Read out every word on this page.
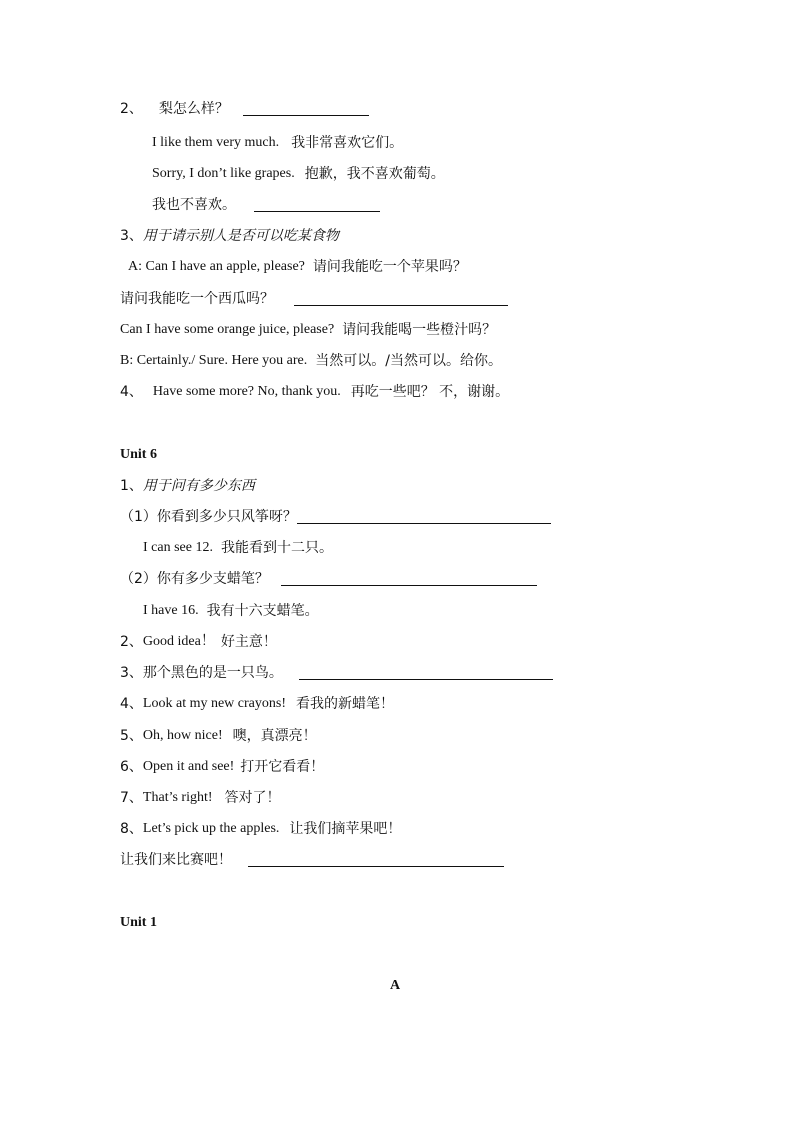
2、 梨怎么样？
I like them very much. 我非常喜欢它们。
Sorry, I don’t like grapes. 抱歉，我不喜欢葡萄。
我也不喜欢。
3、 用于请示别人是否可以吃某食物
A: Can I have an apple, please? 请问我能吃一个苹果吗？
请问我能吃一个西瓜吗？
Can I have some orange juice, please? 请问我能喝一些橙汁吗？
B: Certainly./ Sure. Here you are. 当然可以。/当然可以。给你。
4、 Have some more? No, thank you. 再吃一些吧？ 不，谢谢。
Unit 6
1、 用于问有多少东西
（1） 你看到多少只风筝呀？
I can see 12. 我能看到十二只。
（2） 你有多少支蜡笔？
I have 16. 我有十六支蜡笔。
2、 Good idea！ 好主意！
3、 那个黑色的是一只鸟。
4、 Look at my new crayons! 看我的新蜡笔！
5、 Oh, how nice! 噢，真漂亮！
6、 Open it and see! 打开它看看！
7、 That’s right! 答对了！
8、 Let’s pick up the apples. 让我们摘苹果吧！
让我们来比赛吧！
Unit 1
A
